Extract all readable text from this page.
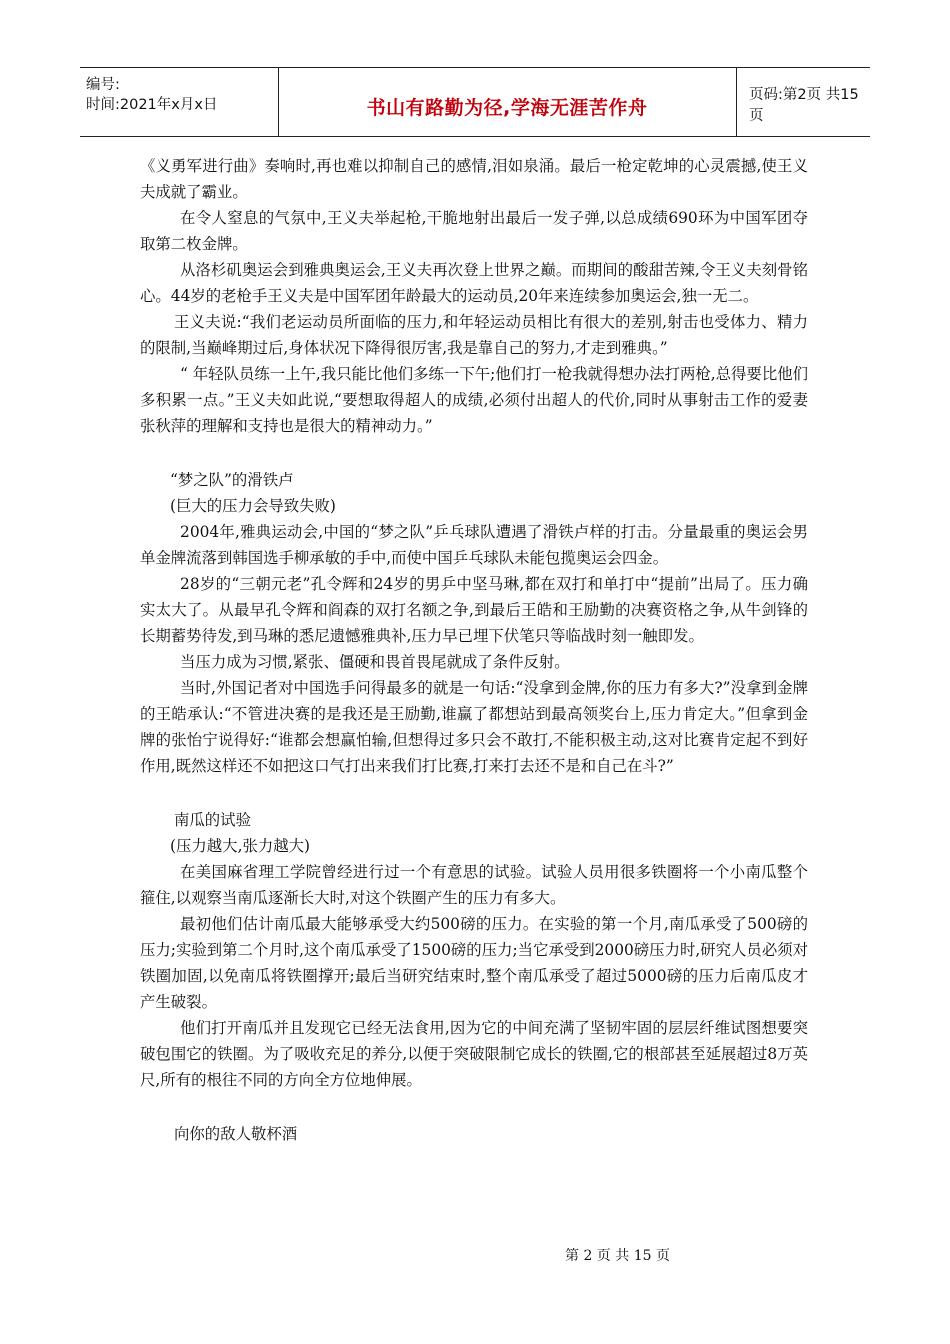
编号:
时间:2021年x月x日	书山有路勤为径,学海无涯苦作舟
页码:第2页 共15页

《义勇军进行曲》奏响时,再也难以抑制自己的感情,泪如泉涌。最后一枪定乾坤的心灵震撼,使王义夫成就了霸业。

在令人窒息的气氛中,王义夫举起枪,干脆地射出最后一发子弹,以总成绩690环为中国军团夺取第二枚金牌。

从洛杉矶奥运会到雅典奥运会,王义夫再次登上世界之巅。而期间的酸甜苦辣,令王义夫刻骨铭心。44岁的老枪手王义夫是中国军团年龄最大的运动员,20年来连续参加奥运会,独一无二。

王义夫说:“我们老运动员所面临的压力,和年轻运动员相比有很大的差别,射击也受体力、精力的限制,当巅峰期过后,身体状况下降得很厉害,我是靠自己的努力,才走到雅典。”

“ 年轻队员练一上午,我只能比他们多练一下午;他们打一枪我就得想办法打两枪,总得要比他们多积累一点。”王义夫如此说,“要想取得超人的成绩,必须付出超人的代价,同时从事射击工作的爱妻张秋萍的理解和支持也是很大的精神动力。”

“梦之队”的滑铁卢

(巨大的压力会导致失败)

2004年,雅典运动会,中国的“梦之队”乒乓球队遭遇了滑铁卢样的打击。分量最重的奥运会男单金牌流落到韩国选手柳承敏的手中,而使中国乒乓球队未能包揽奥运会四金。

28岁的“三朝元老”孔令辉和24岁的男乒中坚马琳,都在双打和单打中“提前”出局了。压力确实太大了。从最早孔令辉和阎森的双打名额之争,到最后王皓和王励勤的决赛资格之争,从牛剑锋的长期蓄势待发,到马琳的悉尼遗憾雅典补,压力早已埋下伏笔只等临战时刻一触即发。

当压力成为习惯,紧张、僵硬和畏首畏尾就成了条件反射。

当时,外国记者对中国选手问得最多的就是一句话:“没拿到金牌,你的压力有多大?”没拿到金牌的王皓承认:“不管进决赛的是我还是王励勤,谁赢了都想站到最高领奖台上,压力肯定大。”但拿到金牌的张怡宁说得好:“谁都会想赢怕输,但想得过多只会不敢打,不能积极主动,这对比赛肯定起不到好作用,既然这样还不如把这口气打出来我们打比赛,打来打去还不是和自己在斗?”

南瓜的试验

(压力越大,张力越大)

在美国麻省理工学院曾经进行过一个有意思的试验。试验人员用很多铁圈将一个小南瓜整个箍住,以观察当南瓜逐渐长大时,对这个铁圈产生的压力有多大。

最初他们估计南瓜最大能够承受大约500磅的压力。在实验的第一个月,南瓜承受了500磅的压力;实验到第二个月时,这个南瓜承受了1500磅的压力;当它承受到2000磅压力时,研究人员必须对铁圈加固,以免南瓜将铁圈撑开;最后当研究结束时,整个南瓜承受了超过5000磅的压力后南瓜皮才产生破裂。

他们打开南瓜并且发现它已经无法食用,因为它的中间充满了坚韧牢固的层层纤维试图想要突破包围它的铁圈。为了吸收充足的养分,以便于突破限制它成长的铁圈,它的根部甚至延展超过8万英尺,所有的根往不同的方向全方位地伸展。

向你的敌人敬杯酒

第 2 页 共 15 页
